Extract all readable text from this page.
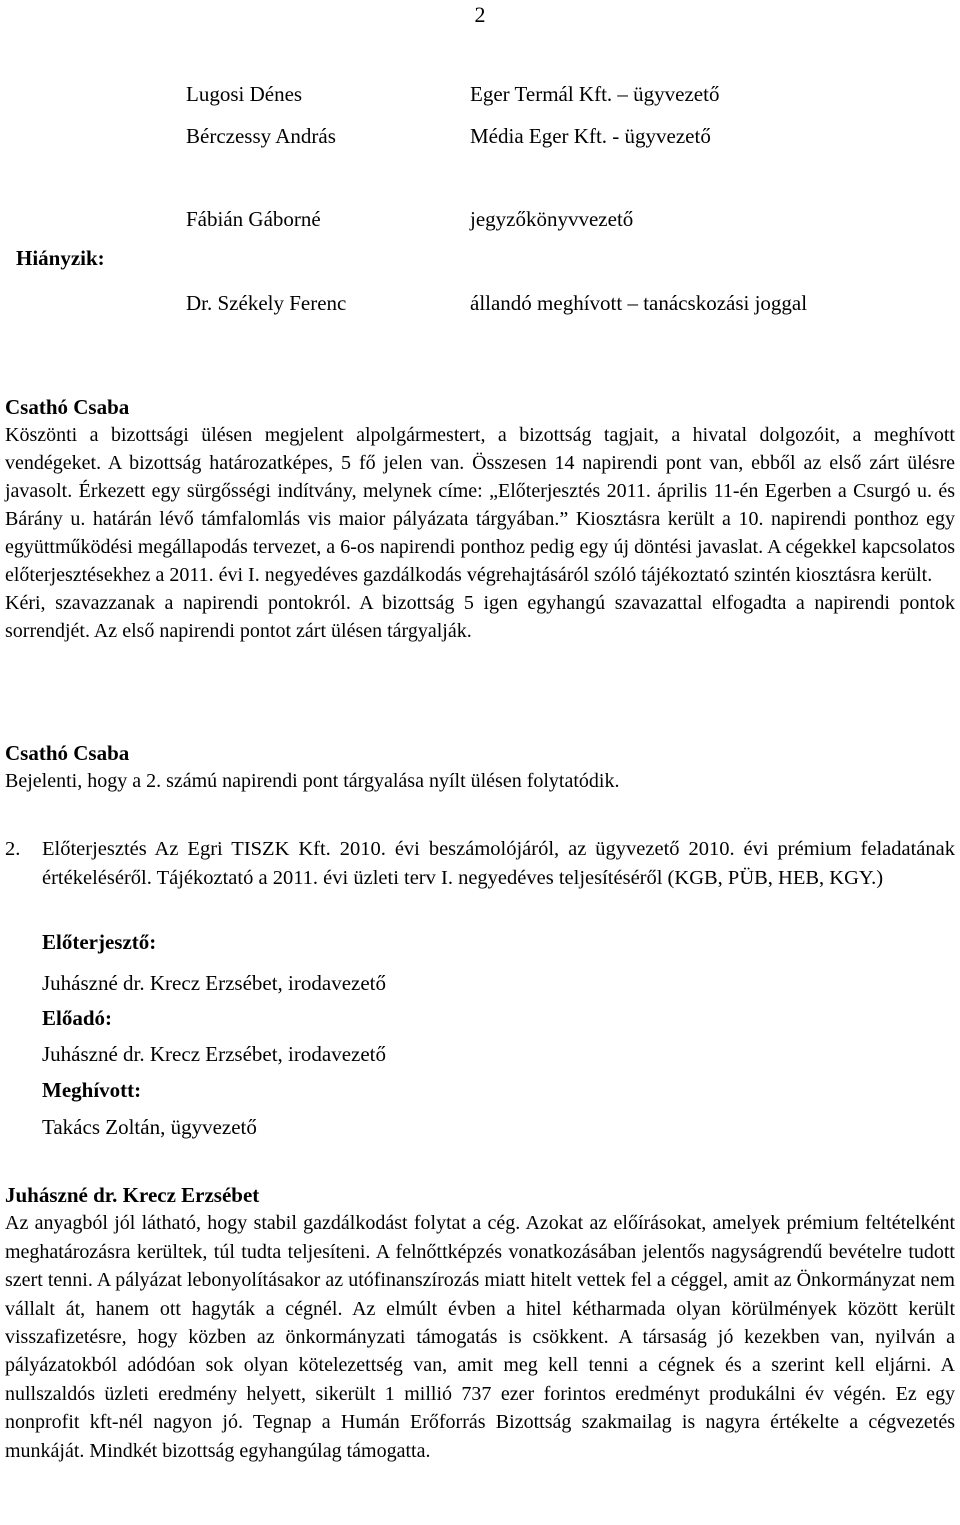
2
Lugosi Dénes	Eger Termál Kft. – ügyvezető
Bérczessy András	Média Eger Kft. - ügyvezető
Fábián Gáborné	jegyzőkönyvvezető
Hiányzik:
Dr. Székely Ferenc	állandó meghívott – tanácskozási joggal
Csathó Csaba

Köszönti a bizottsági ülésen megjelent alpolgármestert, a bizottság tagjait, a hivatal dolgozóit, a meghívott vendégeket. A bizottság határozatképes, 5 fő jelen van. Összesen 14 napirendi pont van, ebből az első zárt ülésre javasolt. Érkezett egy sürgősségi indítvány, melynek címe: „Előterjesztés 2011. április 11-én Egerben a Csurgó u. és Bárány u. határán lévő támfalomlás vis maior pályázata tárgyában.” Kiosztásra került a 10. napirendi ponthoz egy együttműködési megállapodás tervezet, a 6-os napirendi ponthoz pedig egy új döntési javaslat. A cégekkel kapcsolatos előterjesztésekhez a 2011. évi I. negyedéves gazdálkodás végrehajtásáról szóló tájékoztató szintén kiosztásra került.

Kéri, szavazzanak a napirendi pontokról. A bizottság 5 igen egyhangú szavazattal elfogadta a napirendi pontok sorrendjét. Az első napirendi pontot zárt ülésen tárgyalják.

Csathó Csaba

Bejelenti, hogy a 2. számú napirendi pont tárgyalása nyílt ülésen folytatódik.

2. Előterjesztés Az Egri TISZK Kft. 2010. évi beszámolójáról, az ügyvezető 2010. évi prémium feladatának értékeléséről. Tájékoztató a 2011. évi üzleti terv I. negyedéves teljesítéséről (KGB, PÜB, HEB, KGY.)
Előterjesztő:
Juhászné dr. Krecz Erzsébet, irodavezető
Előadó:
Juhászné dr. Krecz Erzsébet, irodavezető
Meghívott:
Takács Zoltán, ügyvezető
Juhászné dr. Krecz Erzsébet

Az anyagból jól látható, hogy stabil gazdálkodást folytat a cég. Azokat az előírásokat, amelyek prémium feltételként meghatározásra kerültek, túl tudta teljesíteni. A felnőttképzés vonatkozásában jelentős nagyságrendű bevételre tudott szert tenni. A pályázat lebonyolításakor az utófinanszírozás miatt hitelt vettek fel a céggel, amit az Önkormányzat nem vállalt át, hanem ott hagyták a cégnél. Az elmúlt évben a hitel kétharmada olyan körülmények között került visszafizetésre, hogy közben az önkormányzati támogatás is csökkent. A társaság jó kezekben van, nyilván a pályázatokból adódóan sok olyan kötelezettség van, amit meg kell tenni a cégnek és a szerint kell eljárni. A nullszaldós üzleti eredmény helyett, sikerült 1 millió 737 ezer forintos eredményt produkálni év végén. Ez egy nonprofit kft-nél nagyon jó. Tegnap a Humán Erőforrás Bizottság szakmailag is nagyra értékelte a cégvezetés munkáját. Mindkét bizottság egyhangúlag támogatta.
